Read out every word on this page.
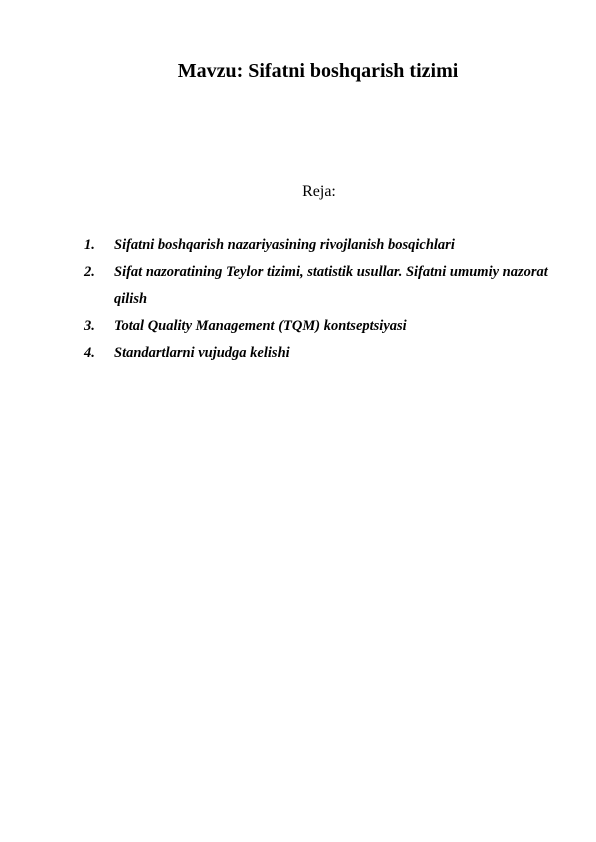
Mavzu: Sifatni boshqarish tizimi
Reja:
1. Sifatni boshqarish nazariyasining rivojlanish bosqichlari
2. Sifat nazoratining Teylor tizimi, statistik usullar. Sifatni umumiy nazorat qilish
3. Total Quality Management (TQM) kontseptsiyasi
4. Standartlarni vujudga kelishi
